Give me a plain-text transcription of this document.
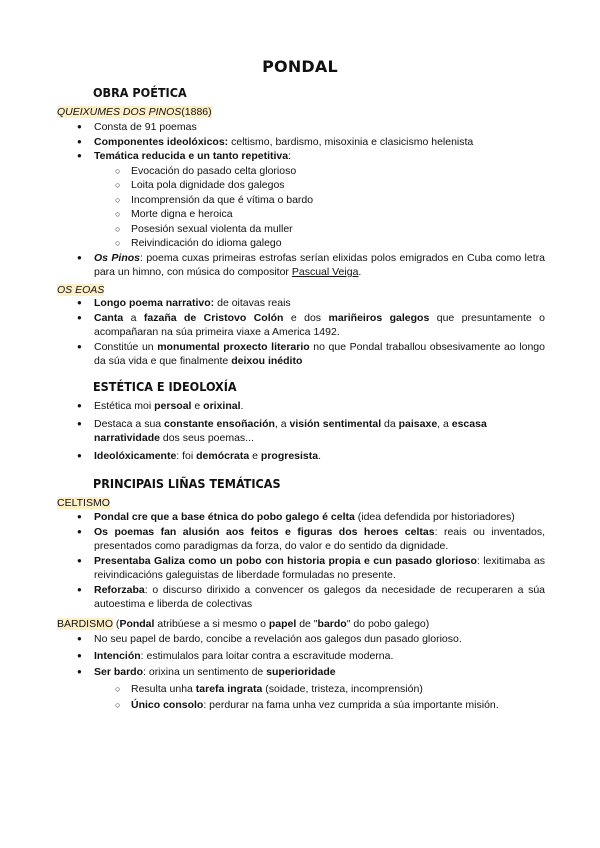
PONDAL
OBRA POÉTICA
QUEIXUMES DOS PINOS(1886)
● Consta de 91 poemas
● Componentes ideolóxicos: celtismo, bardismo, misoxinia e clasicismo helenista
● Temática reducida e un tanto repetitiva:
○ Evocación do pasado celta glorioso
○ Loita pola dignidade dos galegos
○ Incomprensión da que é vítima o bardo
○ Morte digna e heroica
○ Posesión sexual violenta da muller
○ Reivindicación do idioma galego
● Os Pinos: poema cuxas primeiras estrofas serían elixidas polos emigrados en Cuba como letra para un himno, con música do compositor Pascual Veiga.
OS EOAS
● Longo poema narrativo: de oitavas reais
● Canta a fazaña de Cristovo Colón e dos mariñeiros galegos que presuntamente o acompañaran na súa primeira viaxe a America 1492.
● Constitúe un monumental proxecto literario no que Pondal traballou obsesivamente ao longo da súa vida e que finalmente deixou inédito
ESTÉTICA E IDEOLOXÍA
● Estética moi persoal e orixinal.
● Destaca a sua constante ensoñación, a visión sentimental da paisaxe, a escasa narratividade dos seus poemas...
● Ideolóxicamente: foi demócrata e progresista.
PRINCIPAIS LIÑAS TEMÁTICAS
CELTISMO
● Pondal cre que a base étnica do pobo galego é celta (idea defendida por historiadores)
● Os poemas fan alusión aos feitos e figuras dos heroes celtas: reais ou inventados, presentados como paradigmas da forza, do valor e do sentido da dignidade.
● Presentaba Galiza como un pobo con historia propia e cun pasado glorioso: lexitimaba as reivindicacións galeguistas de liberdade formuladas no presente.
● Reforzaba: o discurso dirixido a convencer os galegos da necesidade de recuperaren a súa autoestima e liberda de colectivas
BARDISMO (Pondal atribúese a si mesmo o papel de "bardo" do pobo galego)
● No seu papel de bardo, concibe a revelación aos galegos dun pasado glorioso.
● Intención: estimulalos para loitar contra a escravitude moderna.
● Ser bardo: orixina un sentimento de superioridade
○ Resulta unha tarefa ingrata (soidade, tristeza, incomprensión)
○ Único consolo: perdurar na fama unha vez cumprida a súa importante misión.
